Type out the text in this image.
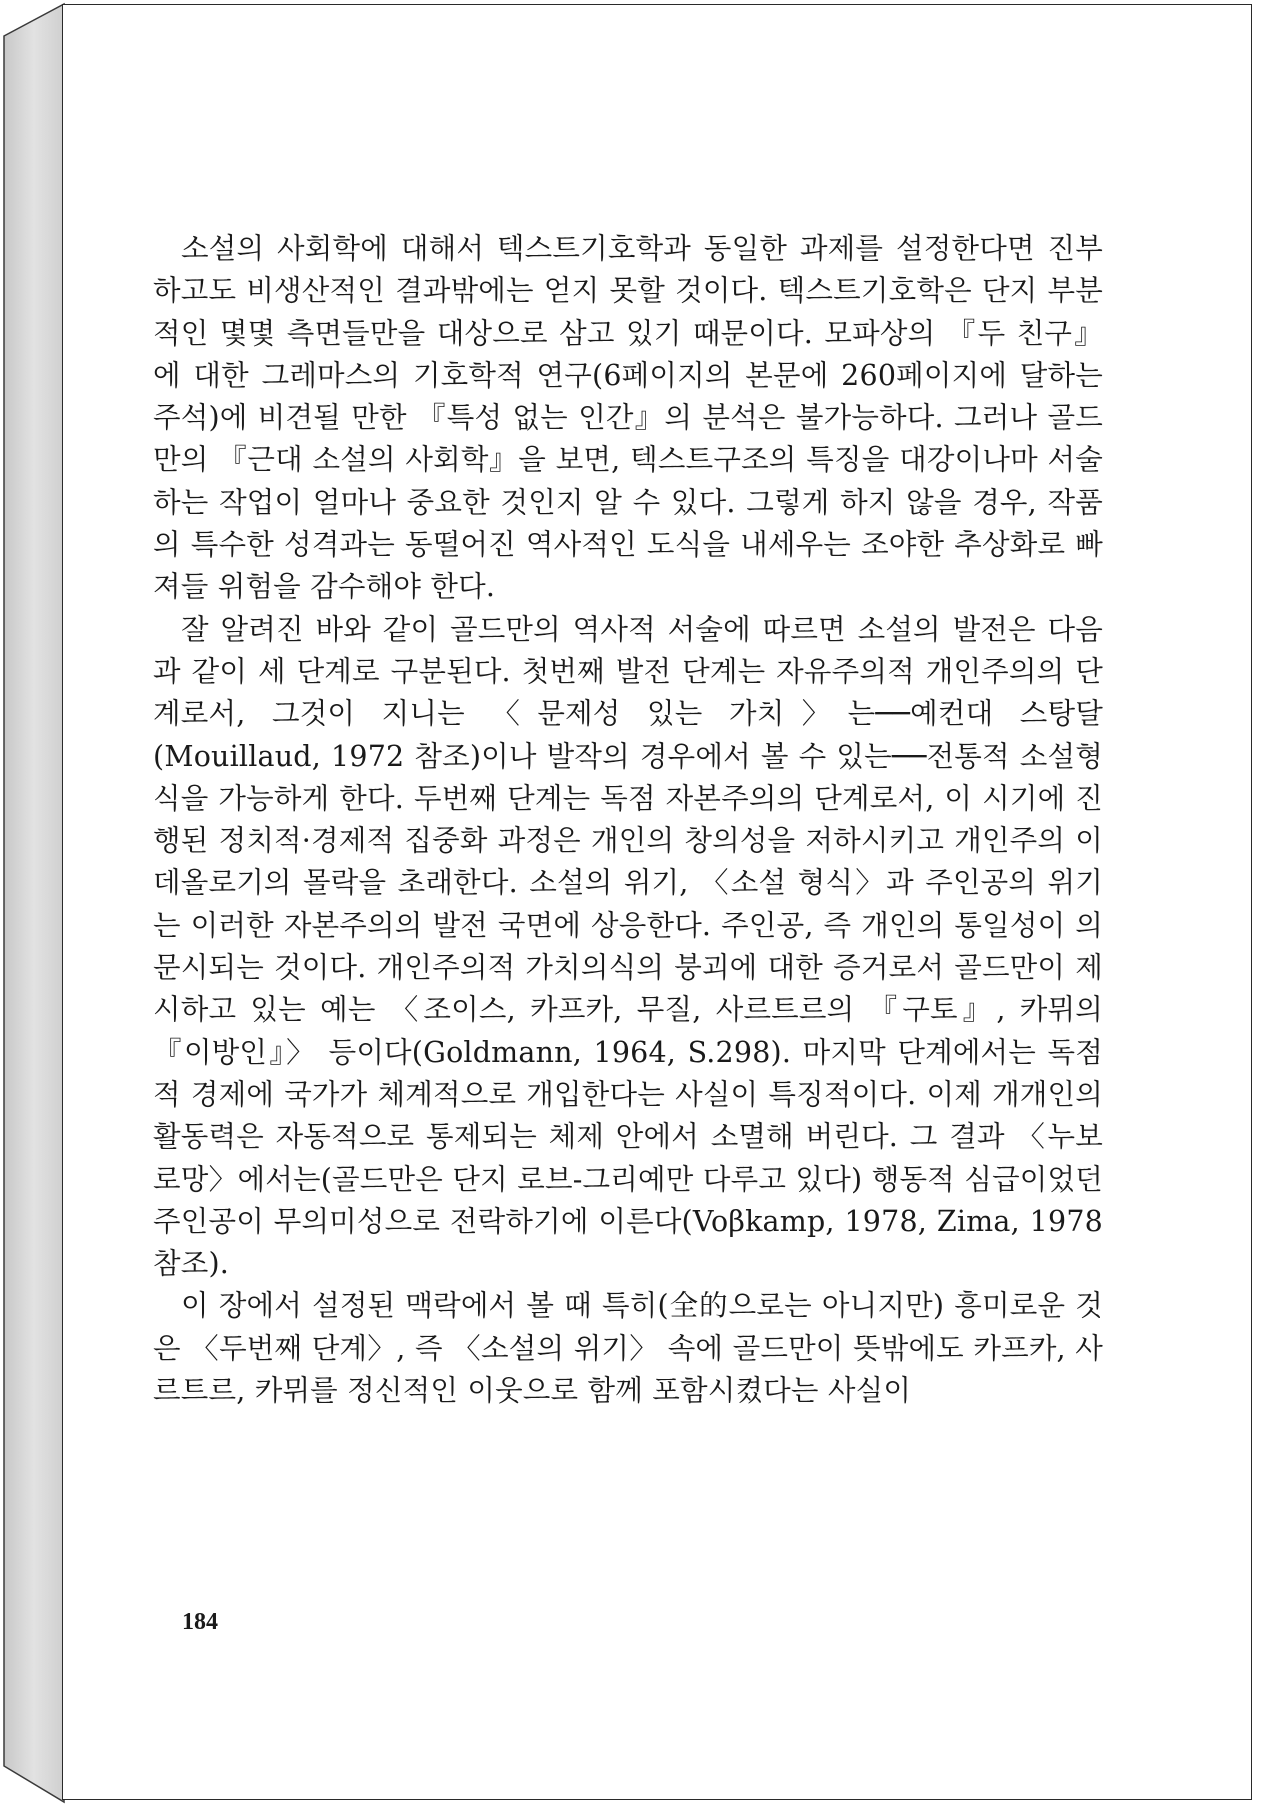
소설의 사회학에 대해서 텍스트기호학과 동일한 과제를 설정한다면 진부하고도 비생산적인 결과밖에는 얻지 못할 것이다. 텍스트기호학은 단지 부분적인 몇몇 측면들만을 대상으로 삼고 있기 때문이다. 모파상의 『두 친구』에 대한 그레마스의 기호학적 연구(6페이지의 본문에 260페이지에 달하는 주석)에 비견될 만한 『특성 없는 인간』의 분석은 불가능하다. 그러나 골드만의 『근대 소설의 사회학』을 보면, 텍스트구조의 특징을 대강이나마 서술하는 작업이 얼마나 중요한 것인지 알 수 있다. 그렇게 하지 않을 경우, 작품의 특수한 성격과는 동떨어진 역사적인 도식을 내세우는 조야한 추상화로 빠져들 위험을 감수해야 한다.

잘 알려진 바와 같이 골드만의 역사적 서술에 따르면 소설의 발전은 다음과 같이 세 단계로 구분된다. 첫번째 발전 단계는 자유주의적 개인주의의 단계로서, 그것이 지니는 〈문제성 있는 가치〉는──예컨대 스탕달(Mouillaud, 1972 참조)이나 발작의 경우에서 볼 수 있는──전통적 소설형식을 가능하게 한다. 두번째 단계는 독점 자본주의의 단계로서, 이 시기에 진행된 정치적·경제적 집중화 과정은 개인의 창의성을 저하시키고 개인주의 이데올로기의 몰락을 초래한다. 소설의 위기, 〈소설 형식〉과 주인공의 위기는 이러한 자본주의의 발전 국면에 상응한다. 주인공, 즉 개인의 통일성이 의문시되는 것이다. 개인주의적 가치의식의 붕괴에 대한 증거로서 골드만이 제시하고 있는 예는 〈조이스, 카프카, 무질, 사르트르의 『구토』, 카뮈의 『이방인』〉 등이다(Goldmann, 1964, S.298). 마지막 단계에서는 독점적 경제에 국가가 체계적으로 개입한다는 사실이 특징적이다. 이제 개개인의 활동력은 자동적으로 통제되는 체제 안에서 소멸해 버린다. 그 결과 〈누보 로망〉에서는(골드만은 단지 로브-그리예만 다루고 있다) 행동적 심급이었던 주인공이 무의미성으로 전락하기에 이른다(Voβkamp, 1978, Zima, 1978 참조).

이 장에서 설정된 맥락에서 볼 때 특히(全的으로는 아니지만) 흥미로운 것은 〈두번째 단계〉, 즉 〈소설의 위기〉 속에 골드만이 뜻밖에도 카프카, 사르트르, 카뮈를 정신적인 이웃으로 함께 포함시켰다는 사실이

184
